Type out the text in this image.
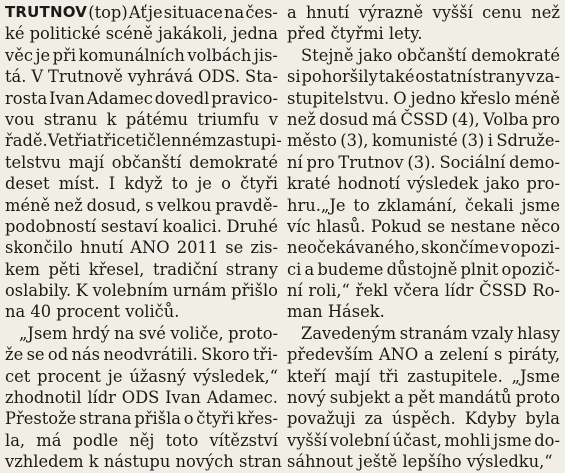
TRUTNOV (top) Ať je situace na čes-
ké politické scéně jakákoli, jedna
věc je při komunálních volbách jis-
tá. V Trutnově vyhrává ODS. Sta-
rosta Ivan Adamec dovedl pravico-
vou stranu k pátému triumfu v
řadě. Ve třiatřicetičlenném zastupi-
telstvu mají občanští demokraté
deset míst. I když to je o čtyři
méně než dosud, s velkou pravdě-
podobností sestaví koalici. Druhé
skončilo hnutí ANO 2011 se zis-
kem pěti křesel, tradiční strany
oslabily. K volebním urnám přišlo
na 40 procent voličů.
„Jsem hrdý na své voliče, proto-
že se od nás neodvrátili. Skoro tři-
cet procent je úžasný výsledek,“
zhodnotil lídr ODS Ivan Adamec.
Přestože strana přišla o čtyři křes-
la, má podle něj toto vítězství
vzhledem k nástupu nových stran
a hnutí výrazně vyšší cenu než
před čtyřmi lety.
Stejně jako občanští demokraté
si pohoršily také ostatní strany v za-
stupitelstvu. O jedno křeslo méně
než dosud má ČSSD (4), Volba pro
město (3), komunisté (3) i Sdruže-
ní pro Trutnov (3). Sociální demo-
kraté hodnotí výsledek jako pro-
hru.„Je to zklamání, čekali jsme
víc hlasů. Pokud se nestane něco
neočekávaného, skončíme v opozi-
ci a budeme důstojně plnit opozič-
ní roli,“ řekl včera lídr ČSSD Ro-
man Hásek.
Zavedeným stranám vzaly hlasy
především ANO a zelení s piráty,
kteří mají tři zastupitele. „Jsme
nový subjekt a pět mandátů proto
považuji za úspěch. Kdyby byla
vyšší volební účast, mohli jsme do-
sáhnout ještě lepšího výsledku,“
